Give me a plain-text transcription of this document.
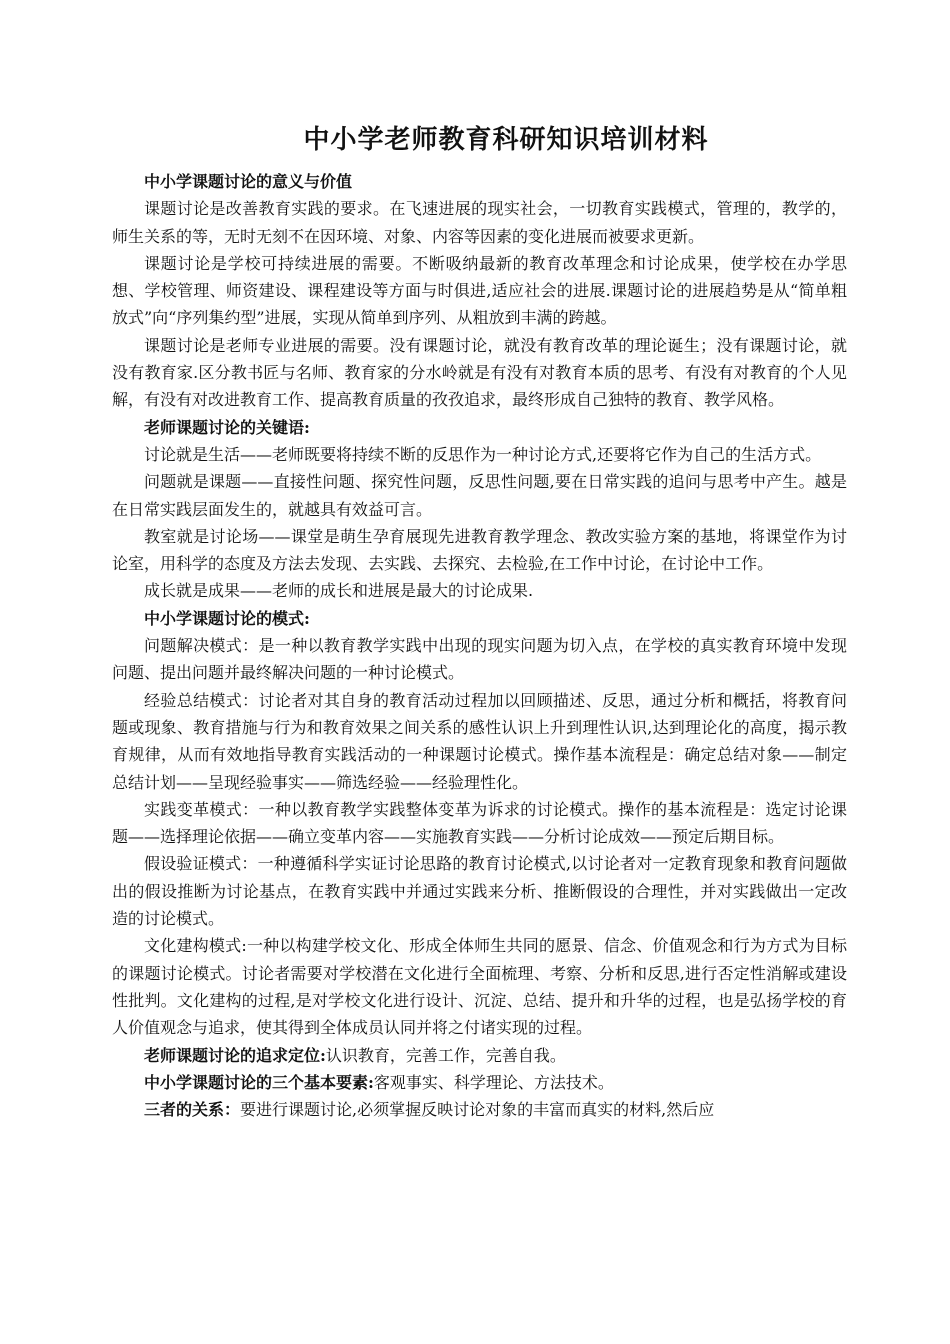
中小学老师教育科研知识培训材料

中小学课题讨论的意义与价值

课题讨论是改善教育实践的要求。在飞速进展的现实社会，一切教育实践模式，管理的，教学的，师生关系的等，无时无刻不在因环境、对象、内容等因素的变化进展而被要求更新。

课题讨论是学校可持续进展的需要。不断吸纳最新的教育改革理念和讨论成果，使学校在办学思想、学校管理、师资建设、课程建设等方面与时俱进,适应社会的进展.课题讨论的进展趋势是从“简单粗放式”向“序列集约型”进展，实现从简单到序列、从粗放到丰满的跨越。

课题讨论是老师专业进展的需要。没有课题讨论，就没有教育改革的理论诞生；没有课题讨论，就没有教育家.区分教书匠与名师、教育家的分水岭就是有没有对教育本质的思考、有没有对教育的个人见解，有没有对改进教育工作、提高教育质量的孜孜追求，最终形成自己独特的教育、教学风格。

老师课题讨论的关键语:

讨论就是生活——老师既要将持续不断的反思作为一种讨论方式,还要将它作为自己的生活方式。

问题就是课题——直接性问题、探究性问题，反思性问题,要在日常实践的追问与思考中产生。越是在日常实践层面发生的，就越具有效益可言。

教室就是讨论场——课堂是萌生孕育展现先进教育教学理念、教改实验方案的基地，将课堂作为讨论室，用科学的态度及方法去发现、去实践、去探究、去检验,在工作中讨论，在讨论中工作。

成长就是成果——老师的成长和进展是最大的讨论成果.

中小学课题讨论的模式:

问题解决模式：是一种以教育教学实践中出现的现实问题为切入点，在学校的真实教育环境中发现问题、提出问题并最终解决问题的一种讨论模式。

经验总结模式：讨论者对其自身的教育活动过程加以回顾描述、反思，通过分析和概括，将教育问题或现象、教育措施与行为和教育效果之间关系的感性认识上升到理性认识,达到理论化的高度，揭示教育规律，从而有效地指导教育实践活动的一种课题讨论模式。操作基本流程是：确定总结对象——制定总结计划——呈现经验事实——筛选经验——经验理性化。

实践变革模式：一种以教育教学实践整体变革为诉求的讨论模式。操作的基本流程是：选定讨论课题——选择理论依据——确立变革内容——实施教育实践——分析讨论成效——预定后期目标。

假设验证模式：一种遵循科学实证讨论思路的教育讨论模式,以讨论者对一定教育现象和教育问题做出的假设推断为讨论基点，在教育实践中并通过实践来分析、推断假设的合理性，并对实践做出一定改造的讨论模式。

文化建构模式:一种以构建学校文化、形成全体师生共同的愿景、信念、价值观念和行为方式为目标的课题讨论模式。讨论者需要对学校潜在文化进行全面梳理、考察、分析和反思,进行否定性消解或建设性批判。文化建构的过程,是对学校文化进行设计、沉淀、总结、提升和升华的过程，也是弘扬学校的育人价值观念与追求，使其得到全体成员认同并将之付诸实现的过程。

老师课题讨论的追求定位:认识教育，完善工作，完善自我。

中小学课题讨论的三个基本要素:客观事实、科学理论、方法技术。

三者的关系：要进行课题讨论,必须掌握反映讨论对象的丰富而真实的材料,然后应
